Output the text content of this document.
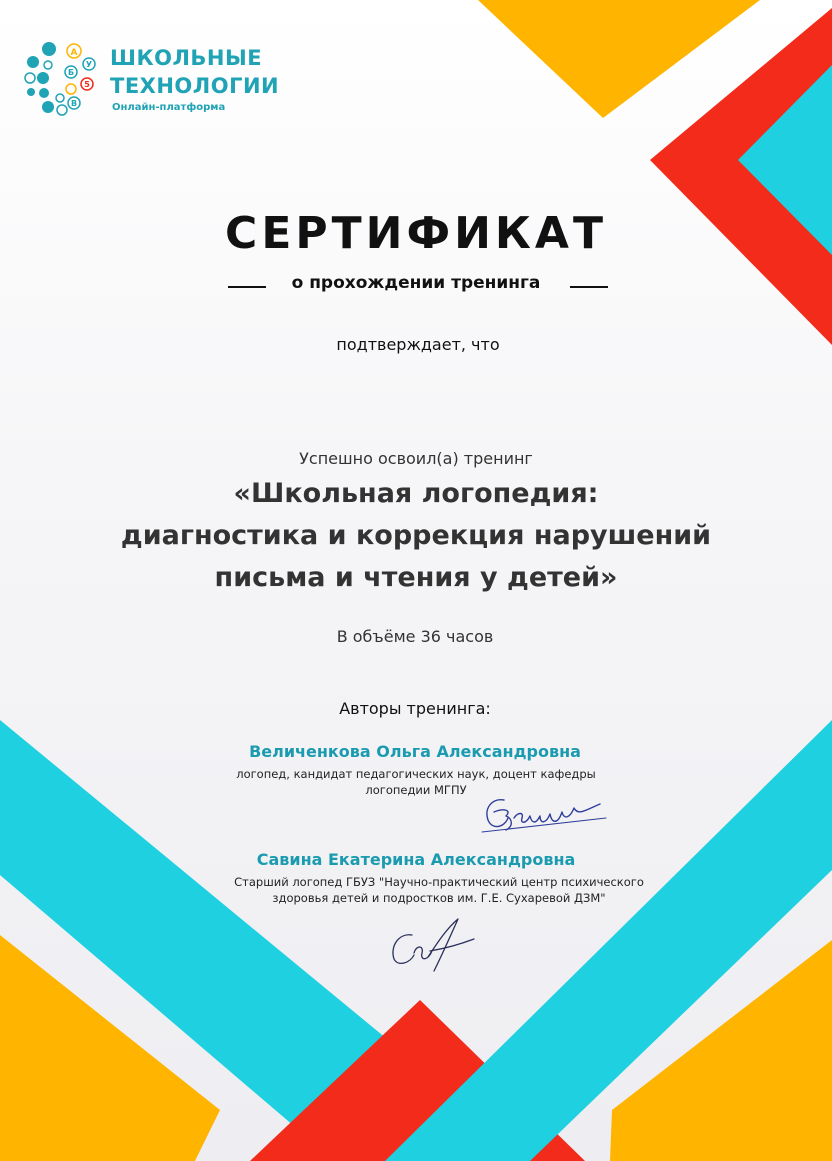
А
У
Б
5
В
ШКОЛЬНЫЕ
ТЕХНОЛОГИИ
Онлайн-платформа
СЕРТИФИКАТ
о прохождении тренинга
подтверждает, что
Успешно освоил(а) тренинг
«Школьная логопедия:
диагностика и коррекция нарушений
письма и чтения у детей»
В объёме 36 часов
Авторы тренинга:
Величенкова Ольга Александровна
логопед, кандидат педагогических наук, доцент кафедры
логопедии МГПУ
Савина Екатерина Александровна
Старший логопед ГБУЗ "Научно-практический центр психического
здоровья детей и подростков им. Г.Е. Сухаревой ДЗМ"
